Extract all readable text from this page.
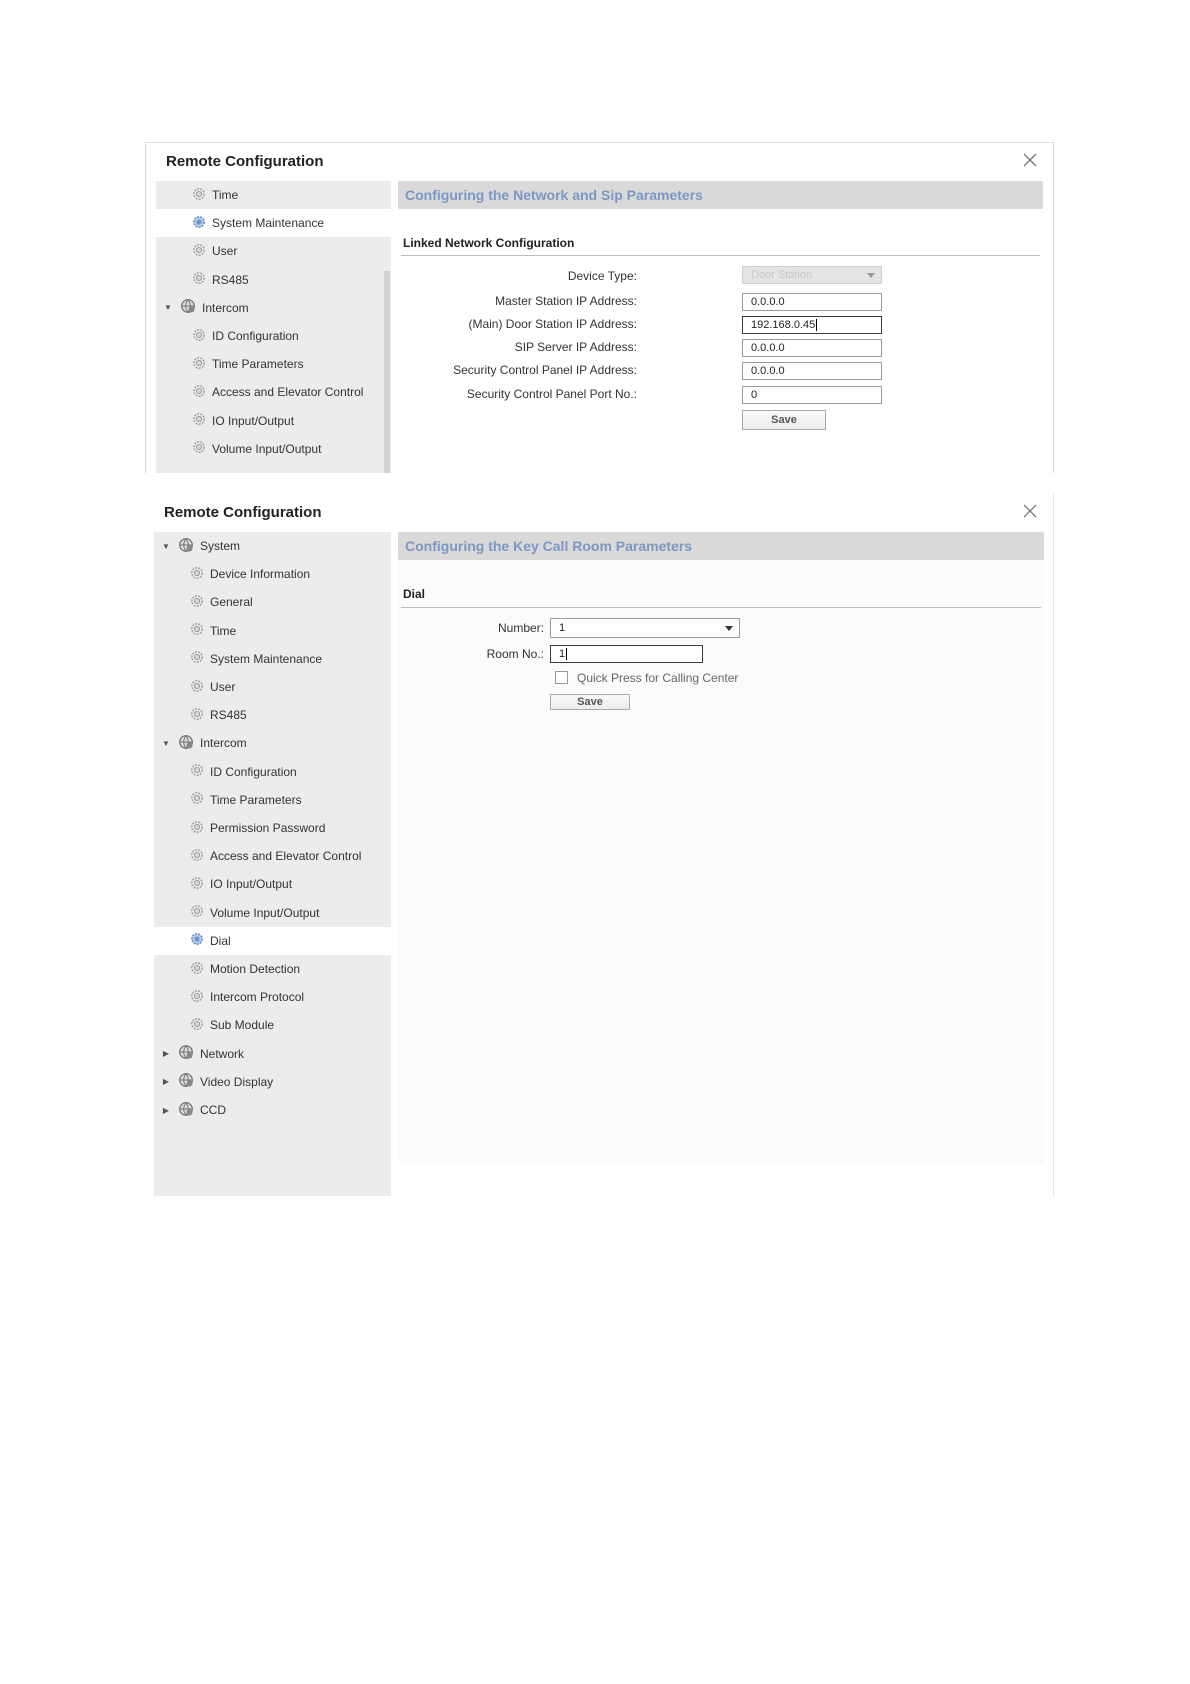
Remote Configuration
Time
System Maintenance
User
RS485
▼	Intercom
ID Configuration
Time Parameters
Access and Elevator Control
IO Input/Output
Volume Input/Output
Configuring the Network and Sip Parameters
Linked Network Configuration
Device Type:	Door Station
Master Station IP Address:	0.0.0.0
(Main) Door Station IP Address:	192.168.0.45
SIP Server IP Address:	0.0.0.0
Security Control Panel IP Address:	0.0.0.0
Security Control Panel Port No.:	0
Save
Remote Configuration
▼	System
Device Information
General
Time
System Maintenance
User
RS485
▼	Intercom
ID Configuration
Time Parameters
Permission Password
Access and Elevator Control
IO Input/Output
Volume Input/Output
Dial
Motion Detection
Intercom Protocol
Sub Module
▶	Network
▶	Video Display
▶	CCD
Configuring the Key Call Room Parameters
Dial
Number:	1
Room No.:	1
Quick Press for Calling Center
Save
